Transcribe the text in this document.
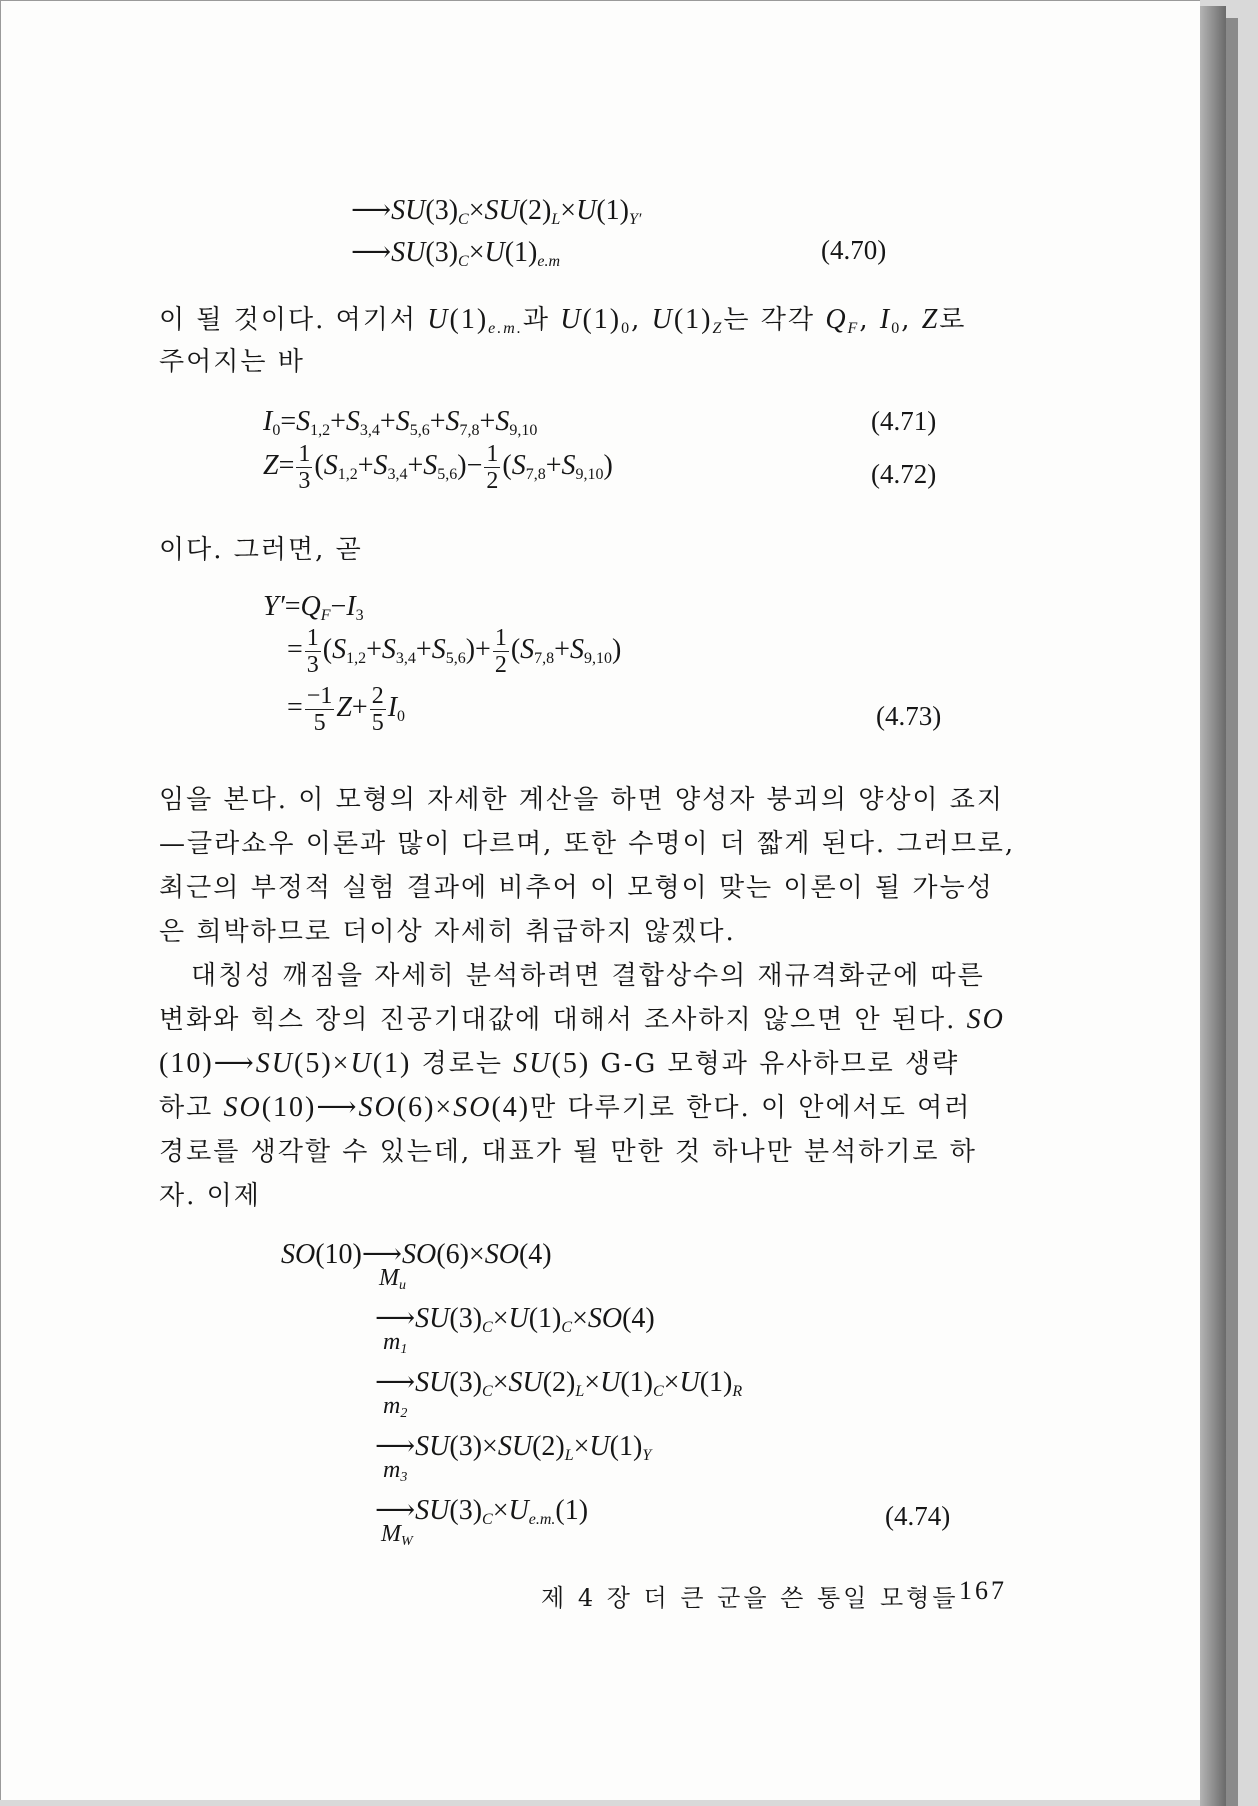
$⟶SU(3)_C\times SU(2)_L\times U(1)_{Y'}$
$⟶SU(3)_C\times U(1)_{e.m}$	(4.70)
이 될 것이다. 여기서 $U(1)_{e.m.}$과 $U(1)_0$, $U(1)_Z$는 각각 $Q_F$, $I_0$, Z로
주어지는 바
$I_0=S_{1,2}+S_{3,4}+S_{5,6}+S_{7,8}+S_{9,10}$	(4.71)
$Z= \frac{1}{3} (S_{1,2}+S_{3,4}+S_{5,6})- \frac{1}{2} (S_{7,8}+S_{9,10})$	(4.72)
이다. 그러면, 곧
$Y'=Q_F-I_3$
= $\frac{1}{3} (S_{1,2}+S_{3,4}+S_{5,6})+ \frac{1}{2} (S_{7,8}+S_{9,10})$
= $\frac{-1}{5} Z+ \frac{2}{5} I_0$	(4.73)
임을 본다. 이 모형의 자세한 계산을 하면 양성자 붕괴의 양상이 죠지
—글라쇼우 이론과 많이 다르며, 또한 수명이 더 짧게 된다. 그러므로,
최근의 부정적 실험 결과에 비추어 이 모형이 맞는 이론이 될 가능성
은 희박하므로 더이상 자세히 취급하지 않겠다.
대칭성 깨짐을 자세히 분석하려면 결합상수의 재규격화군에 따른
변화와 힉스 장의 진공기대값에 대해서 조사하지 않으면 안 된다. SO
(10)⟶SU(5)×U(1) 경로는 SU(5) G-G 모형과 유사하므로 생략
하고 SO(10)⟶SO(6)×SO(4)만 다루기로 한다. 이 안에서도 여러
경로를 생각할 수 있는데, 대표가 될 만한 것 하나만 분석하기로 하
자. 이제
SO(10)⟶SO(6)×SO(4)
$M_u$
$⟶SU(3)_C\times U(1)_C\times SO(4)$
$m_1$
$⟶SU(3)_C\times SU(2)_L\times U(1)_C\times U(1)_R$
$m_2$
$⟶SU(3)\times SU(2)_L\times U(1)_Y$
$m_3$
$⟶SU(3)_C\times U_{e.m.}(1)$
$M_W$
(4.74)
제 4 장 더 큰 군을 쓴 통일 모형들 167
